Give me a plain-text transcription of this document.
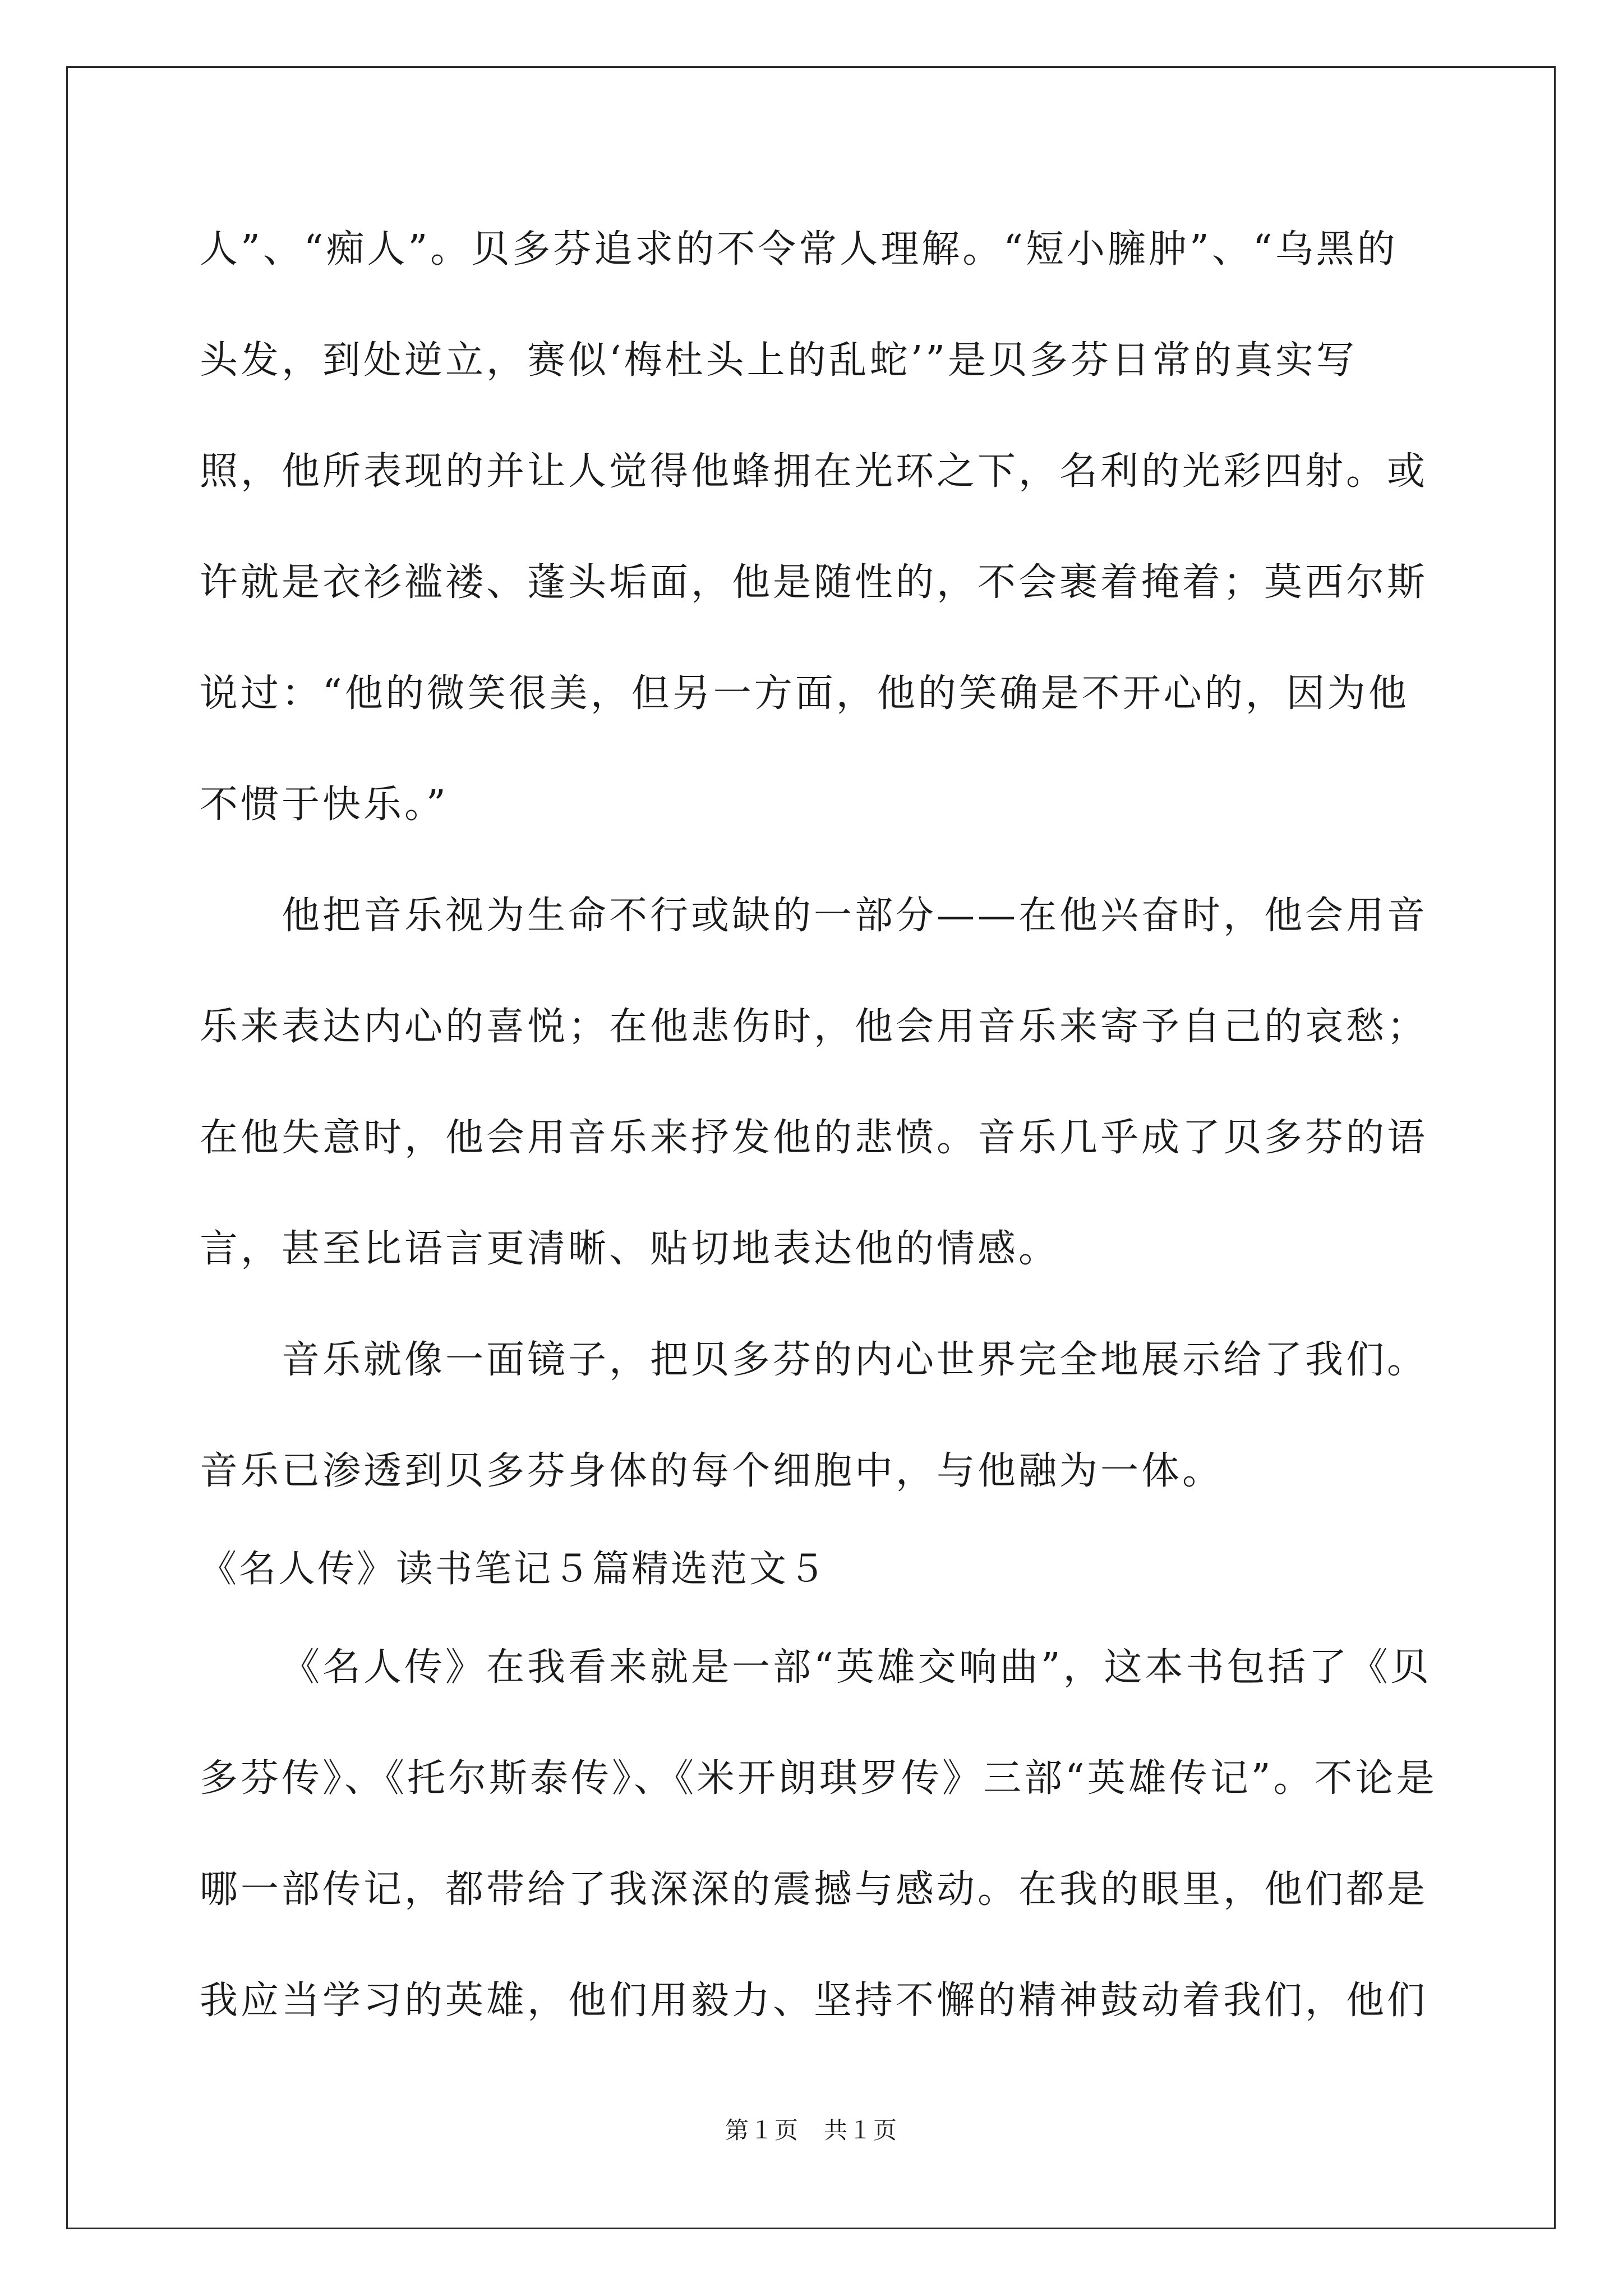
人”、“痴人”。贝多芬追求的不令常人理解。“短小臃肿”、“乌黑的
头发，到处逆立，赛似‘梅杜头上的乱蛇’”是贝多芬日常的真实写
照，他所表现的并让人觉得他蜂拥在光环之下，名利的光彩四射。或
许就是衣衫褴褛、蓬头垢面，他是随性的，不会裹着掩着；莫西尔斯
说过：“他的微笑很美，但另一方面，他的笑确是不开心的，因为他
不惯于快乐。”
他把音乐视为生命不行或缺的一部分——在他兴奋时，他会用音
乐来表达内心的喜悦；在他悲伤时，他会用音乐来寄予自己的哀愁；
在他失意时，他会用音乐来抒发他的悲愤。音乐几乎成了贝多芬的语
言，甚至比语言更清晰、贴切地表达他的情感。
音乐就像一面镜子，把贝多芬的内心世界完全地展示给了我们。
音乐已渗透到贝多芬身体的每个细胞中，与他融为一体。
《名人传》读书笔记５篇精选范文５
《名人传》在我看来就是一部“英雄交响曲”，这本书包括了《贝
多芬传》、《托尔斯泰传》、《米开朗琪罗传》三部“英雄传记”。不论是
哪一部传记，都带给了我深深的震撼与感动。在我的眼里，他们都是
我应当学习的英雄，他们用毅力、坚持不懈的精神鼓动着我们，他们
第１页　共１页
